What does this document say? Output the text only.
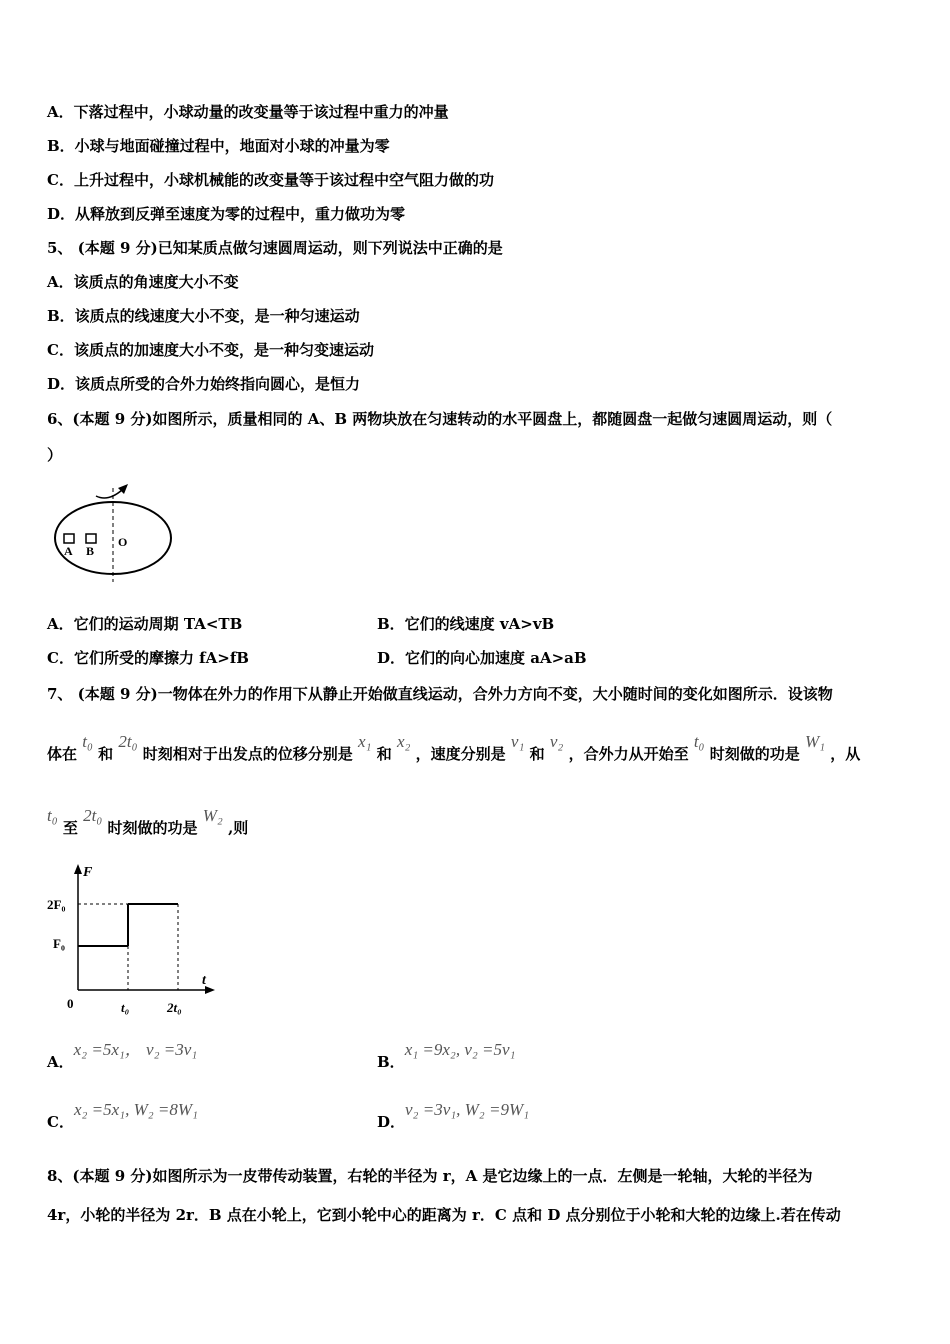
A．下落过程中，小球动量的改变量等于该过程中重力的冲量
B．小球与地面碰撞过程中，地面对小球的冲量为零
C．上升过程中，小球机械能的改变量等于该过程中空气阻力做的功
D．从释放到反弹至速度为零的过程中，重力做功为零
5、 (本题 9 分)已知某质点做匀速圆周运动，则下列说法中正确的是
A．该质点的角速度大小不变
B．该质点的线速度大小不变，是一种匀速运动
C．该质点的加速度大小不变，是一种匀变速运动
D．该质点所受的合外力始终指向圆心，是恒力
6、(本题 9 分)如图所示，质量相同的 A、B 两物块放在匀速转动的水平圆盘上，都随圆盘一起做匀速圆周运动，则（
）
A B
O
A．它们的运动周期 TA<TB	B．它们的线速度 vA>vB
C．它们所受的摩擦力 fA>fB	D．它们的向心加速度 aA>aB
7、 (本题 9 分)一物体在外力的作用下从静止开始做直线运动，合外力方向不变，大小随时间的变化如图所示．设该物
体在 t₀ 和 2t₀ 时刻相对于出发点的位移分别是 x₁ 和 x₂ ，速度分别是 v₁ 和 v₂ ，合外力从开始至 t₀ 时刻做的功是 W₁ ，从
t₀ 至 2t₀ 时刻做的功是 W₂ ,则
F
t
2F₀
F₀
0	t₀	2t₀
A．x₂ =5x₁， v₂ =3v₁
B．x₁ =9x₂, v₂ =5v₁
C．x₂ =5x₁, W₂ =8W₁
D．v₂ =3v₁, W₂ =9W₁
8、(本题 9 分)如图所示为一皮带传动装置，右轮的半径为 r，A 是它边缘上的一点．左侧是一轮轴，大轮的半径为
4r，小轮的半径为 2r．B 点在小轮上，它到小轮中心的距离为 r．C 点和 D 点分别位于小轮和大轮的边缘上.若在传动
